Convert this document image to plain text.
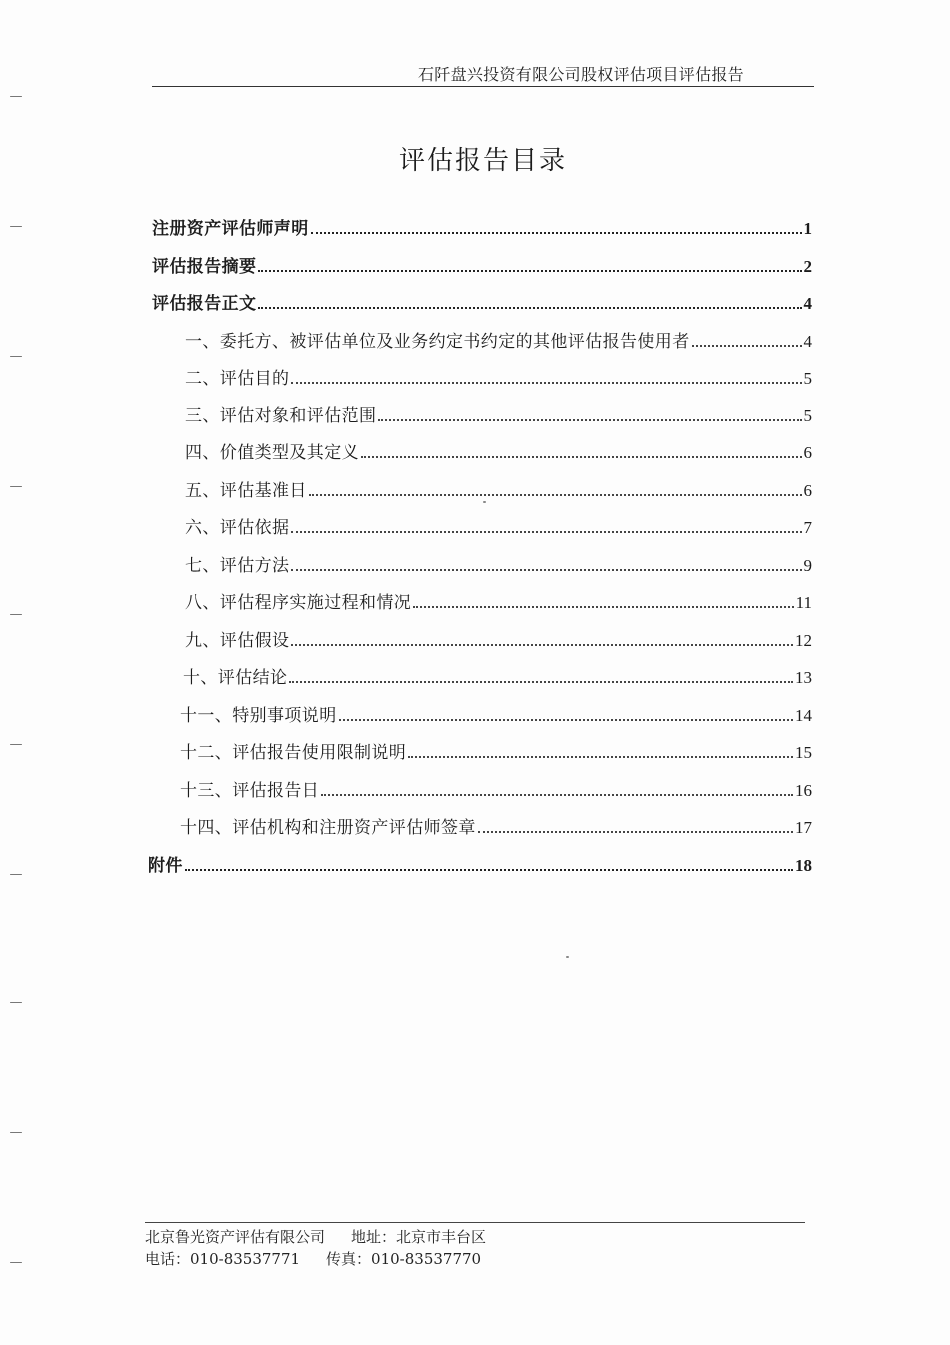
石阡盘兴投资有限公司股权评估项目评估报告
评估报告目录
注册资产评估师声明	1
评估报告摘要	2
评估报告正文	4
一、委托方、被评估单位及业务约定书约定的其他评估报告使用者	4
二、评估目的	5
三、评估对象和评估范围	5
四、价值类型及其定义	6
五、评估基准日	6
六、评估依据	7
七、评估方法	9
八、评估程序实施过程和情况	11
九、评估假设	12
十、评估结论	13
十一、特别事项说明	14
十二、评估报告使用限制说明	15
十三、评估报告日	16
十四、评估机构和注册资产评估师签章	17
附件	18
北京鲁光资产评估有限公司 地址：北京市丰台区
电话：010-83537771 传真：010-83537770
